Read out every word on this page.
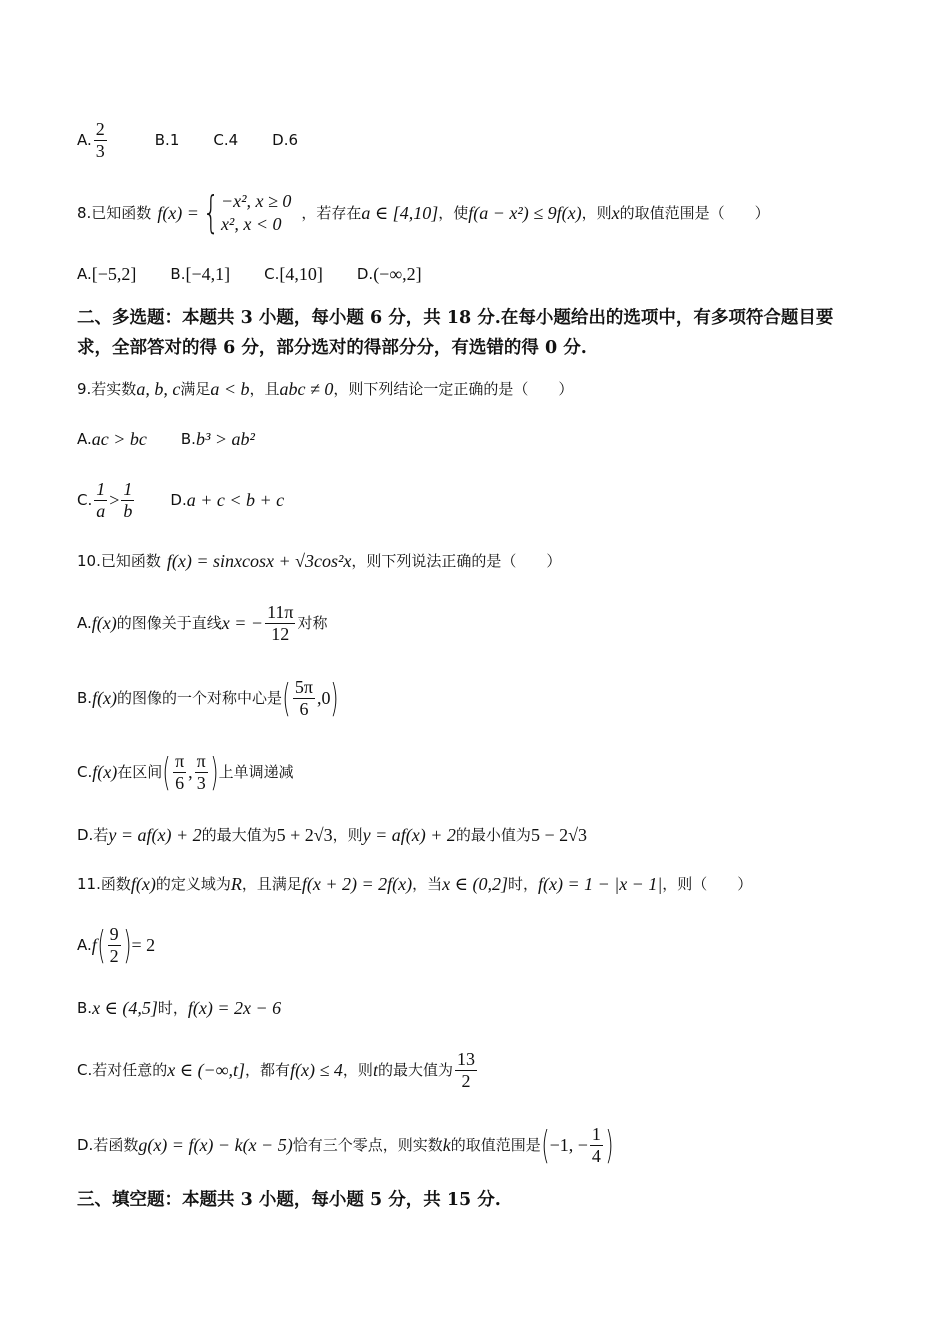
A. $\frac{2}{3}$	B.1 C.4 D.6
8.已知函数 f(x) = { −x², x ≥ 0
x², x < 0
，若存在 a ∈ [4,10] ，使 f(a − x²) ≤ 9f(x) ，则 x 的取值范围是（　　）
A. [−5,2] B. [−4,1] C. [4,10] D. (−∞,2]
二、多选题：本题共 3 小题，每小题 6 分，共 18 分.在每小题给出的选项中，有多项符合题目要
求，全部答对的得 6 分，部分选对的得部分分，有选错的得 0 分.
9.若实数 a, b, c 满足 a < b ，且 abc ≠ 0 ，则下列结论一定正确的是（　　）
A. ac > bc B. b³ > ab²
C. $\frac{1}{a} > \frac{1}{b} D$. a + c < b + c
10.已知函数 f(x) = sinxcosx + √3cos²x ，则下列说法正确的是（　　）
A. f(x) 的图像关于直线 x = − $\frac{11\pi}{12}$ 对称
B. f(x) 的图像的一个对称中心是 ( $\frac{5\pi}{6} ,0$ )
C. f(x) 在区间 ( $\frac{\pi}{6}$ , $\frac{\pi}{3}$ ) 上单调递减
D.若 y = af(x) + 2 的最大值为 5 + 2√3 ，则 y = af(x) + 2 的最小值为 5 − 2√3
11.函数 f(x) 的定义域为 R ，且满足 f(x + 2) = 2f(x) ，当 x ∈ (0,2] 时， f(x) = 1 − |x − 1| ，则（　　）
A. f ( $\frac{9}{2}$ ) = 2
B. x ∈ (4,5] 时， f(x) = 2x − 6
C.若对任意的 x ∈ (−∞,t] ，都有 f(x) ≤ 4 ，则 t 的最大值为 $\frac{13}{2}$
D.若函数 g(x) = f(x) − k(x − 5) 恰有三个零点，则实数 k 的取值范围是 ( −1, − $\frac{1}{4}$ )
三、填空题：本题共 3 小题，每小题 5 分，共 15 分.
